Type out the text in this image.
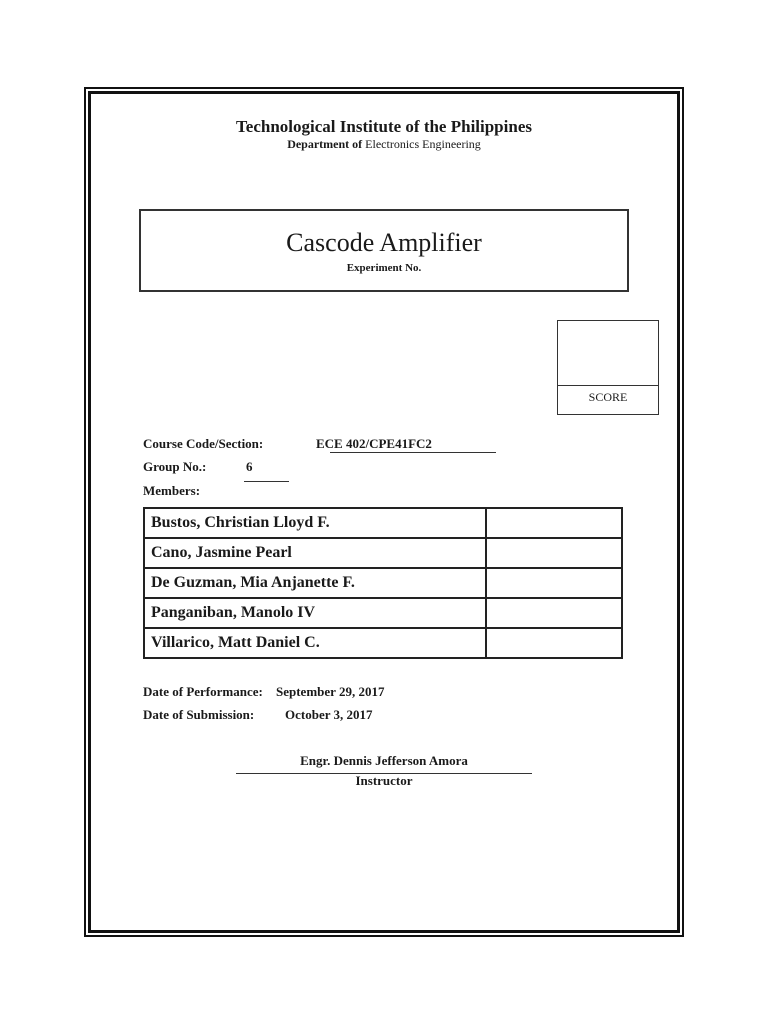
Technological Institute of the Philippines
Department of Electronics Engineering
Cascode Amplifier
Experiment No.
SCORE
Course Code/Section:	ECE 402/CPE41FC2
Group No.:	6
Members:
Bustos, Christian Lloyd F.	
Cano, Jasmine Pearl	
De Guzman, Mia Anjanette F.	
Panganiban, Manolo IV	
Villarico, Matt Daniel C.	
Date of Performance: September 29, 2017
Date of Submission: October 3, 2017
Engr. Dennis Jefferson Amora
Instructor
